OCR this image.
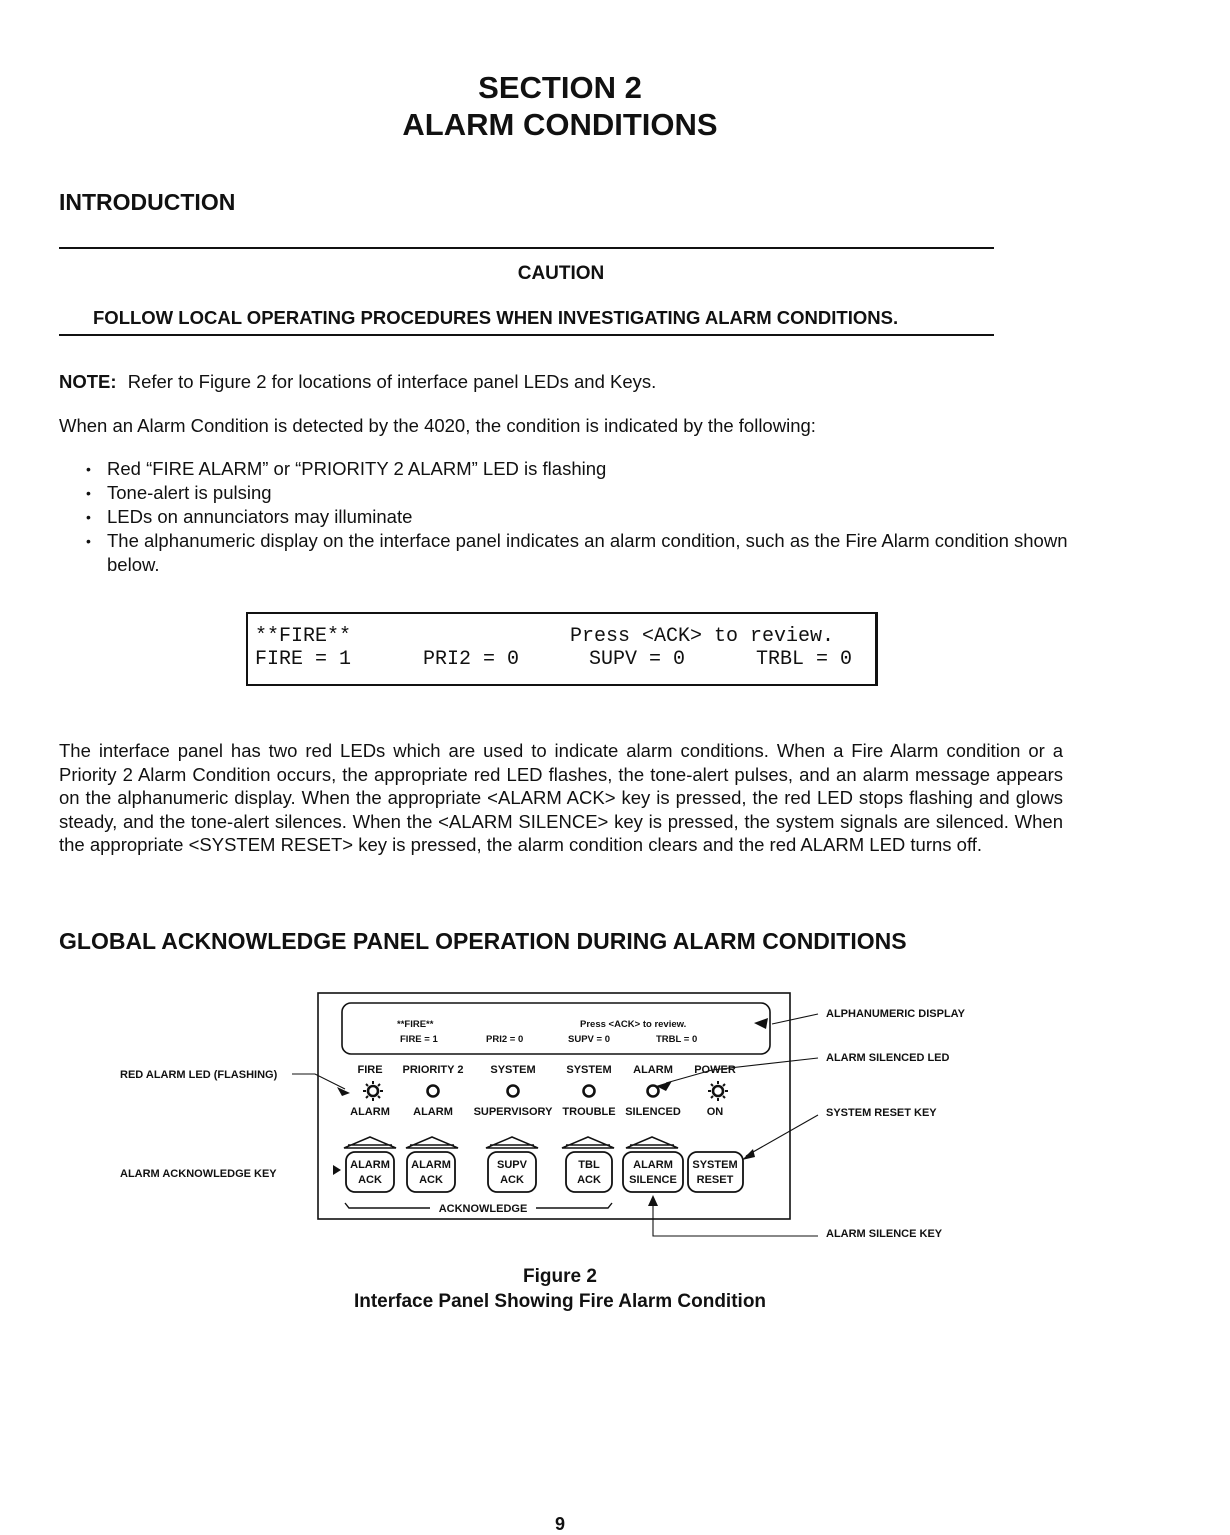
SECTION 2
ALARM CONDITIONS
INTRODUCTION
CAUTION
FOLLOW LOCAL OPERATING PROCEDURES WHEN INVESTIGATING ALARM CONDITIONS.
NOTE: Refer to Figure 2 for locations of interface panel LEDs and Keys.
When an Alarm Condition is detected by the 4020, the condition is indicated by the following:
• Red “FIRE ALARM” or “PRIORITY 2 ALARM” LED is flashing
• Tone-alert is pulsing
• LEDs on annunciators may illuminate
• The alphanumeric display on the interface panel indicates an alarm condition, such as the Fire Alarm condition shown below.
**FIRE**	Press <ACK> to review.
FIRE = 1	PRI2 = 0	SUPV = 0	TRBL = 0
The interface panel has two red LEDs which are used to indicate alarm conditions. When a Fire Alarm condition or a Priority 2 Alarm Condition occurs, the appropriate red LED flashes, the tone-alert pulses, and an alarm message appears on the alphanumeric display. When the appropriate <ALARM ACK> key is pressed, the red LED stops flashing and glows steady, and the tone-alert silences. When the <ALARM SILENCE> key is pressed, the system signals are silenced. When the appropriate <SYSTEM RESET> key is pressed, the alarm condition clears and the red ALARM LED turns off.
GLOBAL ACKNOWLEDGE PANEL OPERATION DURING ALARM CONDITIONS
**FIRE**	Press <ACK> to review.
FIRE = 1	PRI2 = 0	SUPV = 0	TRBL = 0
FIRE PRIORITY 2 SYSTEM	SYSTEM ALARM POWER
ALARM ALARM SUPERVISORY TROUBLE SILENCED ON
ALARM
ACK
ALARM
ACK
SUPV
ACK
TBL
ACK
ALARM
SILENCE
SYSTEM
RESET
ACKNOWLEDGE
RED ALARM LED (FLASHING)
ALARM ACKNOWLEDGE KEY
ALPHANUMERIC DISPLAY
ALARM SILENCED LED
SYSTEM RESET KEY
ALARM SILENCE KEY
Figure 2
Interface Panel Showing Fire Alarm Condition
9
